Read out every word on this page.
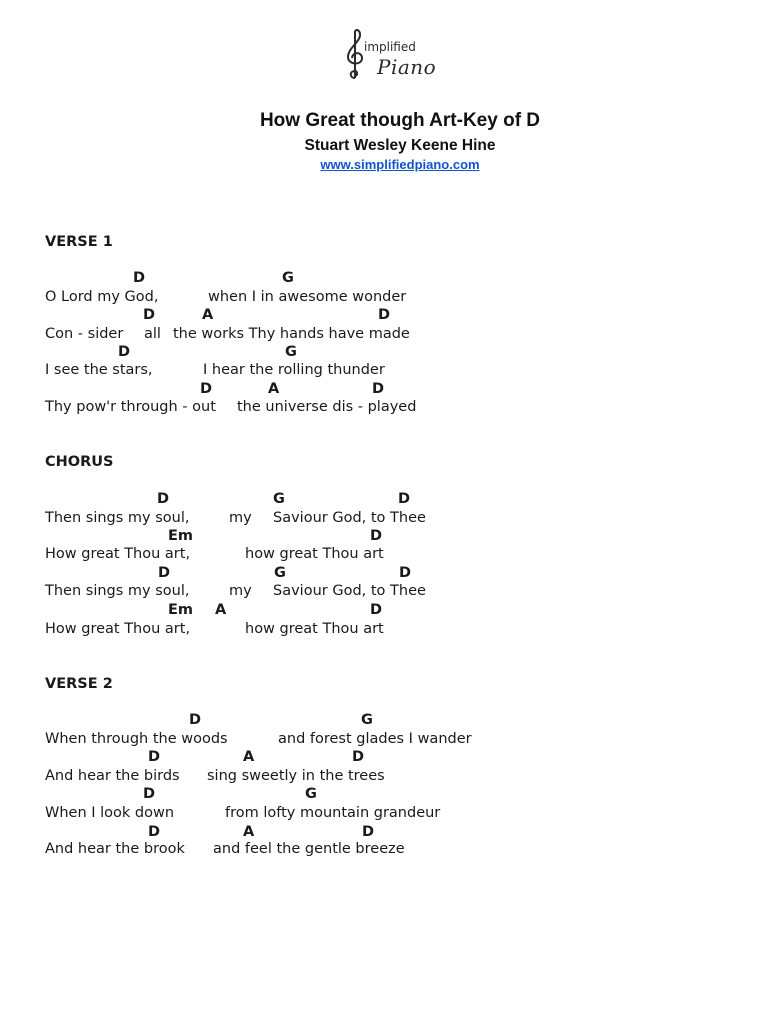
implified
Piano
How Great though Art-Key of D
Stuart Wesley Keene Hine
www.simplifiedpiano.com
VERSE 1
D	G

O Lord my God,

	when I in awesome wonder

D	A	D

Con - sider

all

the works Thy hands have made

D	G

I see the stars,

	I hear the rolling thunder

D	A	D

Thy pow'r through - out

the universe dis - played

CHORUS
D	G	D

Then sings my soul,

	my

Saviour God, to Thee

Em	D

How great Thou art,

	how great Thou art

D	G	D

Then sings my soul,

	my

Saviour God, to Thee

Em A	D

How great Thou art,

	how great Thou art

VERSE 2
D	G

When through the woods

	and forest glades I wander

D	A	D

And hear the birds

sing sweetly in the trees

D	G

When I look down

	from lofty mountain grandeur

D	A	D

And hear the brook

and feel the gentle breeze
